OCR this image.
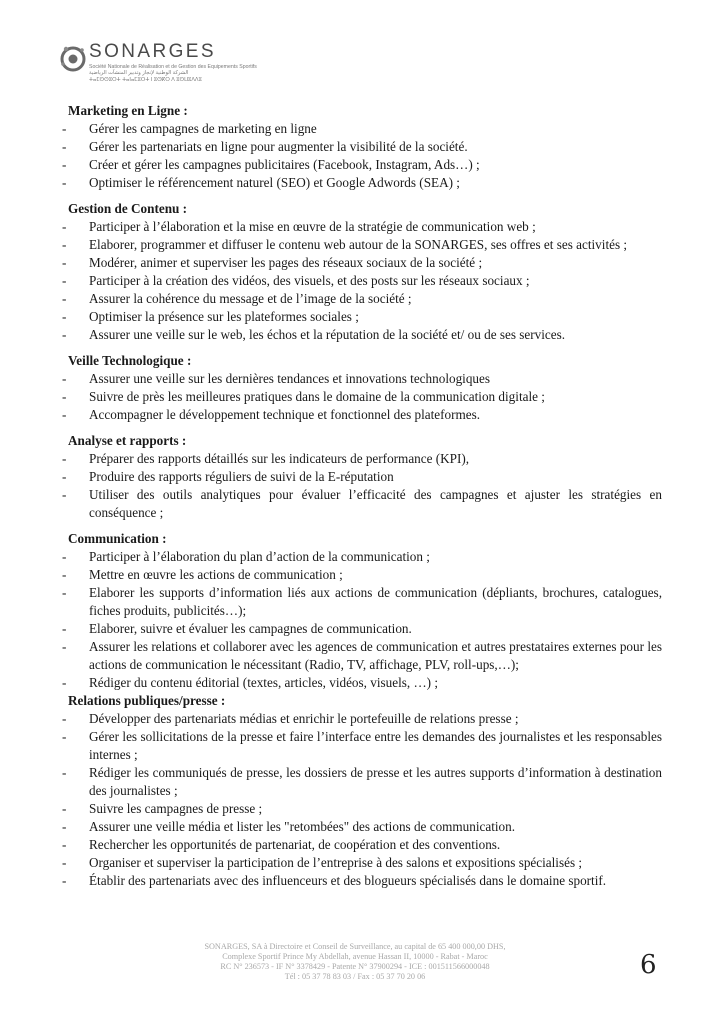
SONARGES
Société Nationale de Réalisation et de Gestion des Équipements Sportifs
الشركة الوطنية لإنجاز وتدبير المنشآت الرياضية
ⵜⴰⵎⵙⵙⵓⵔⵜ ⵜⴰⵏⴰⵎⵓⵔⵜ ⵏ ⵓⵙⴽⵔ ⴷ ⵓⵙⵡⵓⴷⴷⵓ
Marketing en Ligne :
- Gérer les campagnes de marketing en ligne
- Gérer les partenariats en ligne pour augmenter la visibilité de la société.
- Créer et gérer les campagnes publicitaires (Facebook, Instagram, Ads…) ;
- Optimiser le référencement naturel (SEO) et Google Adwords (SEA) ;
Gestion de Contenu :
- Participer à l’élaboration et la mise en œuvre de la stratégie de communication web ;
- Elaborer, programmer et diffuser le contenu web autour de la SONARGES, ses offres et ses activités ;
- Modérer, animer et superviser les pages des réseaux sociaux de la société ;
- Participer à la création des vidéos, des visuels, et des posts sur les réseaux sociaux ;
- Assurer la cohérence du message et de l’image de la société ;
- Optimiser la présence sur les plateformes sociales ;
- Assurer une veille sur le web, les échos et la réputation de la société et/ ou de ses services.
Veille Technologique :
- Assurer une veille sur les dernières tendances et innovations technologiques
- Suivre de près les meilleures pratiques dans le domaine de la communication digitale ;
- Accompagner le développement technique et fonctionnel des plateformes.
Analyse et rapports :
- Préparer des rapports détaillés sur les indicateurs de performance (KPI),
- Produire des rapports réguliers de suivi de la E-réputation
- Utiliser des outils analytiques pour évaluer l’efficacité des campagnes et ajuster les stratégies en conséquence ;
Communication :
- Participer à l’élaboration du plan d’action de la communication ;
- Mettre en œuvre les actions de communication ;
- Elaborer les supports d’information liés aux actions de communication (dépliants, brochures, catalogues, fiches produits, publicités…);
- Elaborer, suivre et évaluer les campagnes de communication.
- Assurer les relations et collaborer avec les agences de communication et autres prestataires externes pour les actions de communication le nécessitant (Radio, TV, affichage, PLV, roll-ups,…);
- Rédiger du contenu éditorial (textes, articles, vidéos, visuels, …) ;
Relations publiques/presse :
- Développer des partenariats médias et enrichir le portefeuille de relations presse ;
- Gérer les sollicitations de la presse et faire l’interface entre les demandes des journalistes et les responsables internes ;
- Rédiger les communiqués de presse, les dossiers de presse et les autres supports d’information à destination des journalistes ;
- Suivre les campagnes de presse ;
- Assurer une veille média et lister les "retombées" des actions de communication.
- Rechercher les opportunités de partenariat, de coopération et des conventions.
- Organiser et superviser la participation de l’entreprise à des salons et expositions spécialisés ;
- Établir des partenariats avec des influenceurs et des blogueurs spécialisés dans le domaine sportif.
SONARGES, SA à Directoire et Conseil de Surveillance, au capital de 65 400 000,00 DHS,
Complexe Sportif Prince My Abdellah, avenue Hassan II, 10000 - Rabat - Maroc
RC N° 236573 - IF N° 3378429 - Patente N° 37900294 - ICE : 001511566000048
Tél : 05 37 78 83 03 / Fax : 05 37 70 20 06	6
